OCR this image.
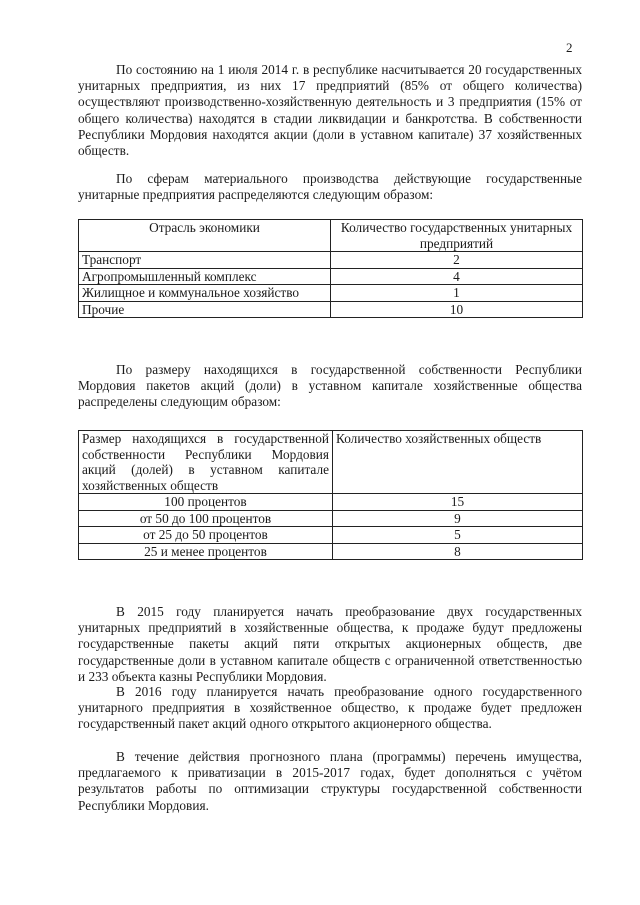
2

По состоянию на 1 июля 2014 г. в республике насчитывается 20 государственных унитарных предприятия, из них 17 предприятий (85% от общего количества) осуществляют производственно-хозяйственную деятельность и 3 предприятия (15% от общего количества) находятся в стадии ликвидации и банкротства. В собственности Республики Мордовия находятся акции (доли в уставном капитале) 37 хозяйственных обществ.

По сферам материального производства действующие государственные унитарные предприятия распределяются следующим образом:

Отрасль экономики	Количество государственных унитарных предприятий
Транспорт	2
Агропромышленный комплекс	4
Жилищное и коммунальное хозяйство	1
Прочие	10

По размеру находящихся в государственной собственности Республики Мордовия пакетов акций (доли) в уставном капитале хозяйственные общества распределены следующим образом:

Размер находящихся в государственной собственности Республики Мордовия акций (долей) в уставном капитале хозяйственных обществ	Количество хозяйственных обществ
100 процентов	15
от 50 до 100 процентов	9
от 25 до 50 процентов	5
25 и менее процентов	8

В 2015 году планируется начать преобразование двух государственных унитарных предприятий в хозяйственные общества, к продаже будут предложены государственные пакеты акций пяти открытых акционерных обществ, две государственные доли в уставном капитале обществ с ограниченной ответственностью и 233 объекта казны Республики Мордовия.

В 2016 году планируется начать преобразование одного государственного унитарного предприятия в хозяйственное общество, к продаже будет предложен государственный пакет акций одного открытого акционерного общества.

В течение действия прогнозного плана (программы) перечень имущества, предлагаемого к приватизации в 2015-2017 годах, будет дополняться с учётом результатов работы по оптимизации структуры государственной собственности Республики Мордовия.
